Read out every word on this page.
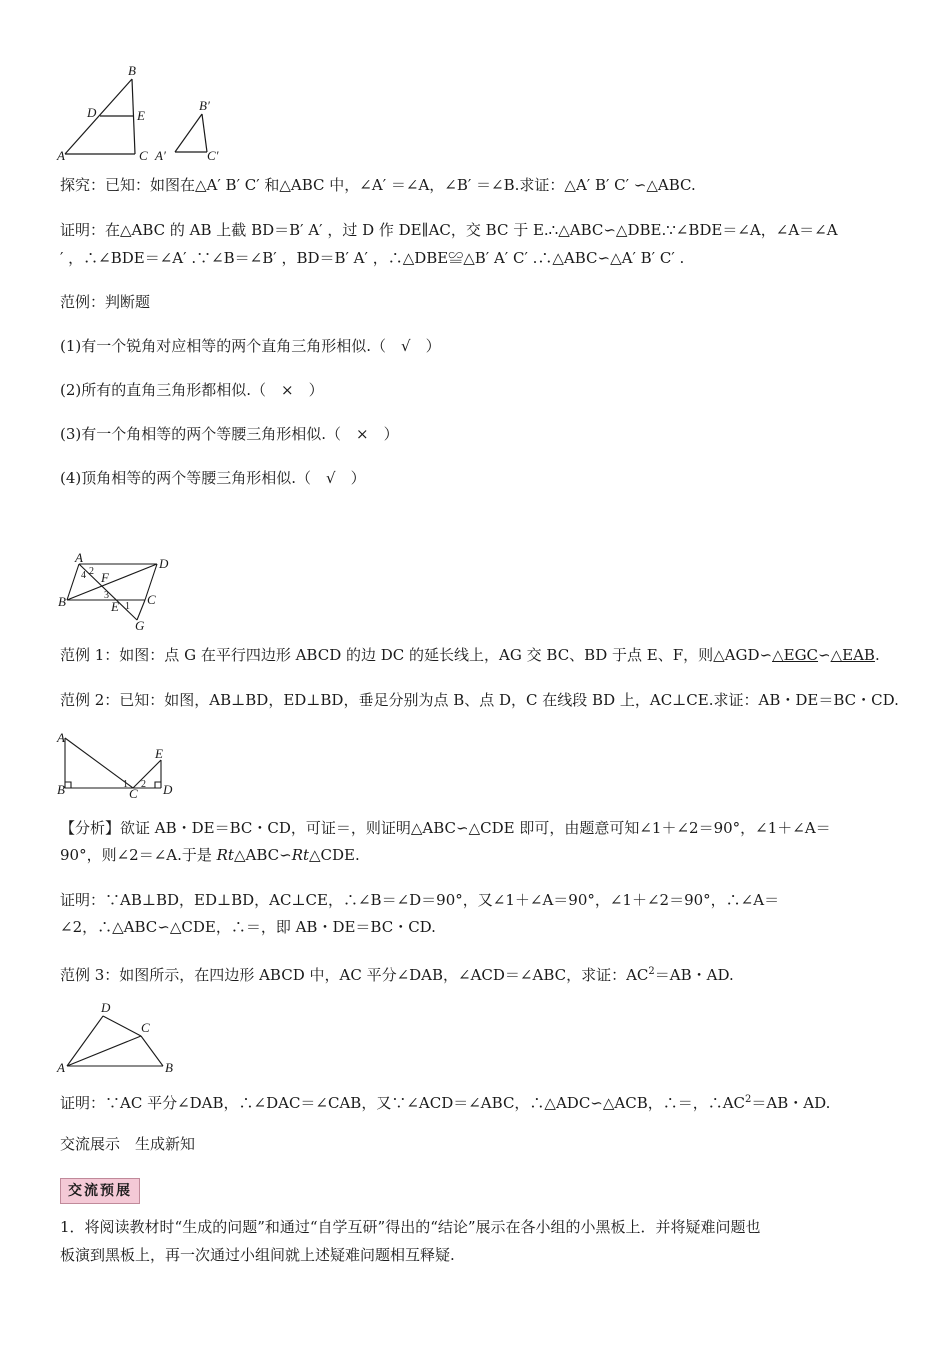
B
D	E
A	C
B′
A′	C′
探究：已知：如图在△A′ B′ C′ 和△ABC 中，∠A′ ＝∠A，∠B′ ＝∠B.求证：△A′ B′ C′ ∽△ABC.
证明：在△ABC 的 AB 上截 BD＝B′ A′ ，过 D 作 DE∥AC，交 BC 于 E.∴△ABC∽△DBE.∵∠BDE＝∠A，∠A＝∠A
′ ，∴∠BDE＝∠A′ .∵∠B＝∠B′ ，BD＝B′ A′ ，∴△DBE≌△B′ A′ C′ .∴△ABC∽△A′ B′ C′ .
范例：判断题
(1)有一个锐角对应相等的两个直角三角形相似.（　√　）
(2)所有的直角三角形都相似.（　×　）
(3)有一个角相等的两个等腰三角形相似.（　×　）
(4)顶角相等的两个等腰三角形相似.（　√　）
A	D
F
B	E C
G
4 2
3
1
范例 1：如图：点 G 在平行四边形 ABCD 的边 DC 的延长线上，AG 交 BC、BD 于点 E、F，则△AGD∽△EGC∽△EAB.
范例 2：已知：如图，AB⊥BD，ED⊥BD，垂足分别为点 B、点 D，C 在线段 BD 上，AC⊥CE.求证：AB・DE＝BC・CD.
A
B	C D
E
1 2
【分析】欲证 AB・DE＝BC・CD，可证＝，则证明△ABC∽△CDE 即可，由题意可知∠1＋∠2＝90°，∠1＋∠A＝
90°，则∠2＝∠A.于是 Rt△ABC∽Rt△CDE.
证明：∵AB⊥BD，ED⊥BD，AC⊥CE，∴∠B＝∠D＝90°，又∠1＋∠A＝90°，∠1＋∠2＝90°，∴∠A＝
∠2，∴△ABC∽△CDE，∴＝，即 AB・DE＝BC・CD.
范例 3：如图所示，在四边形 ABCD 中，AC 平分∠DAB，∠ACD＝∠ABC，求证：$AC^2=AB$・AD.
D
C
A	B
证明：∵AC 平分∠DAB，∴∠DAC＝∠CAB，又∵∠ACD＝∠ABC，∴△ADC∽△ACB，∴＝，$\therefore AC^2=AB$・AD.
交流展示　生成新知
交流预展
1．将阅读教材时“生成的问题”和通过“自学互研”得出的“结论”展示在各小组的小黑板上．并将疑难问题也
板演到黑板上，再一次通过小组间就上述疑难问题相互释疑.
